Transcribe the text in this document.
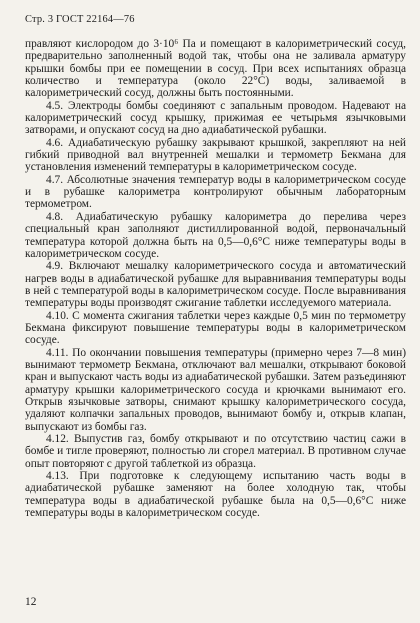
Стр. 3 ГОСТ 22164—76

правляют кислородом до 3·10⁶ Па и помещают в калориметрический сосуд, предварительно заполненный водой так, чтобы она не заливала арматуру крышки бомбы при ее помещении в сосуд. При всех испытаниях образца количество и температура (около 22°С) воды, заливаемой в калориметрический сосуд, должны быть постоянными.

4.5. Электроды бомбы соединяют с запальным проводом. Надевают на калориметрический сосуд крышку, прижимая ее четырьмя язычковыми затворами, и опускают сосуд на дно адиабатической рубашки.

4.6. Адиабатическую рубашку закрывают крышкой, закрепляют на ней гибкий приводной вал внутренней мешалки и термометр Бекмана для установления изменений температуры в калориметрическом сосуде.

4.7. Абсолютные значения температур воды в калориметрическом сосуде и в рубашке калориметра контролируют обычным лабораторным термометром.

4.8. Адиабатическую рубашку калориметра до перелива через специальный кран заполняют дистиллированной водой, первоначальный температура которой должна быть на 0,5—0,6°С ниже температуры воды в калориметрическом сосуде.

4.9. Включают мешалку калориметрического сосуда и автоматический нагрев воды в адиабатической рубашке для выравнивания температуры воды в ней с температурой воды в калориметрическом сосуде. После выравнивания температуры воды производят сжигание таблетки исследуемого материала.

4.10. С момента сжигания таблетки через каждые 0,5 мин по термометру Бекмана фиксируют повышение температуры воды в калориметрическом сосуде.

4.11. По окончании повышения температуры (примерно через 7—8 мин) вынимают термометр Бекмана, отключают вал мешалки, открывают боковой кран и выпускают часть воды из адиабатической рубашки. Затем разъединяют арматуру крышки калориметрического сосуда и крючками вынимают его. Открыв язычковые затворы, снимают крышку калориметрического сосуда, удаляют колпачки запальных проводов, вынимают бомбу и, открыв клапан, выпускают из бомбы газ.

4.12. Выпустив газ, бомбу открывают и по отсутствию частиц сажи в бомбе и тигле проверяют, полностью ли сгорел материал. В противном случае опыт повторяют с другой таблеткой из образца.

4.13. При подготовке к следующему испытанию часть воды в адиабатической рубашке заменяют на более холодную так, чтобы температура воды в адиабатической рубашке была на 0,5—0,6°С ниже температуры воды в калориметрическом сосуде.

12
